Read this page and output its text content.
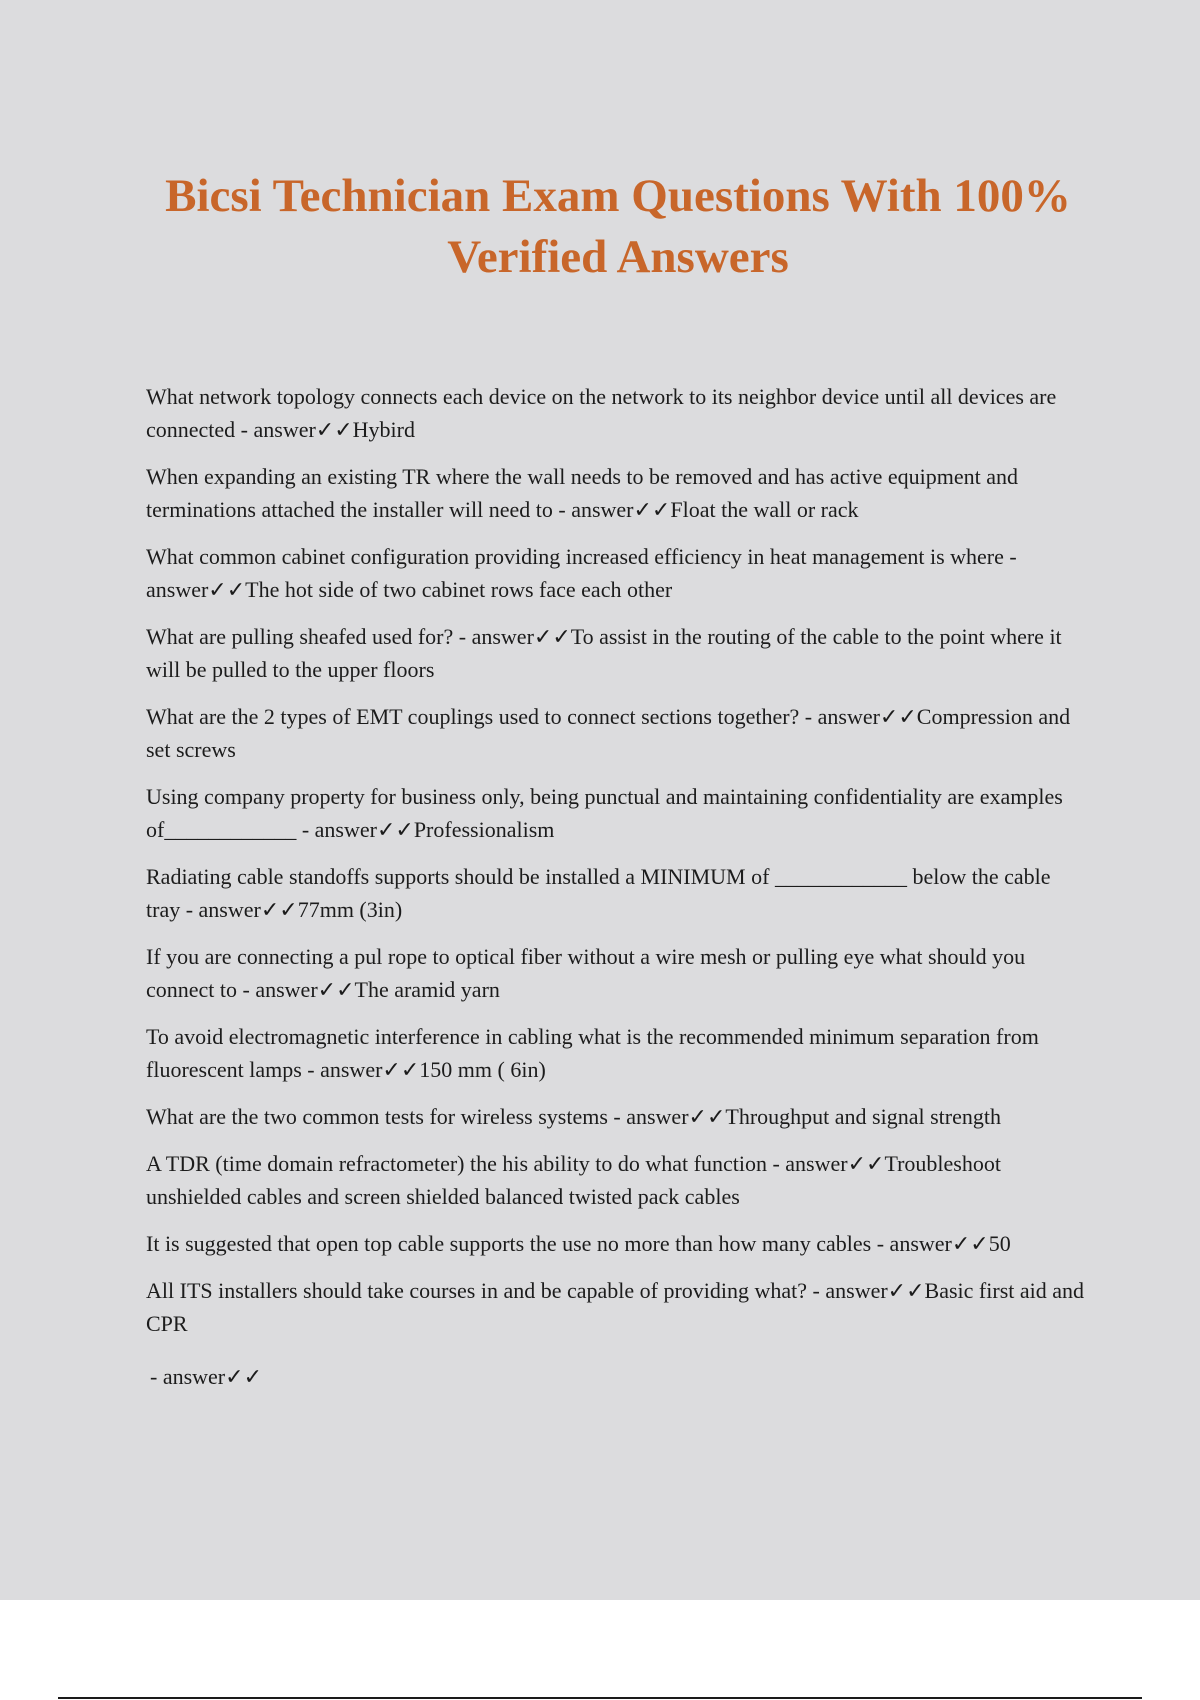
Bicsi Technician Exam Questions With 100% Verified Answers
What network topology connects each device on the network to its neighbor device until all devices are connected - answer✓✓Hybird
When expanding an existing TR where the wall needs to be removed and has active equipment and terminations attached the installer will need to - answer✓✓Float the wall or rack
What common cabinet configuration providing increased efficiency in heat management is where - answer✓✓The hot side of two cabinet rows face each other
What are pulling sheafed used for? - answer✓✓To assist in the routing of the cable to the point where it will be pulled to the upper floors
What are the 2 types of EMT couplings used to connect sections together? - answer✓✓Compression and set screws
Using company property for business only, being punctual and maintaining confidentiality are examples of____________ - answer✓✓Professionalism
Radiating cable standoffs supports should be installed a MINIMUM of ____________ below the cable tray - answer✓✓77mm (3in)
If you are connecting a pul rope to optical fiber without a wire mesh or pulling eye what should you connect to - answer✓✓The aramid yarn
To avoid electromagnetic interference in cabling what is the recommended minimum separation from fluorescent lamps - answer✓✓150 mm ( 6in)
What are the two common tests for wireless systems - answer✓✓Throughput and signal strength
A TDR (time domain refractometer) the his ability to do what function - answer✓✓Troubleshoot unshielded cables and screen shielded balanced twisted pack cables
It is suggested that open top cable supports the use no more than how many cables - answer✓✓50
All ITS installers should take courses in and be capable of providing what? - answer✓✓Basic first aid and CPR
- answer✓✓
